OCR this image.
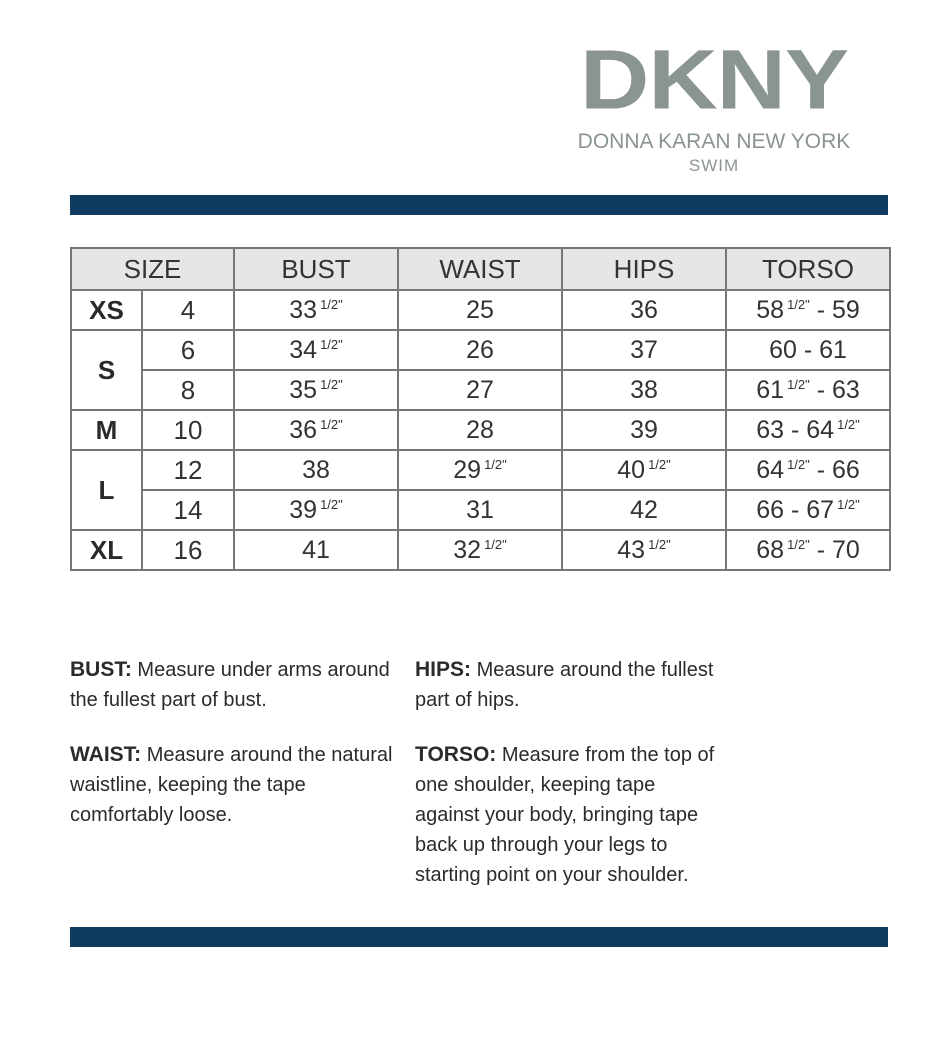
DKNY
DONNA KARAN NEW YORK
SWIM
SIZE		BUST	WAIST	HIPS	TORSO
XS	4	33 $^{1/2"}$	25	36	58 $^{1/2"}$ - 59
S	6	34 $^{1/2"}$	26	37	60 - 61
	8	35 $^{1/2"}$	27	38	61 $^{1/2"}$ - 63
M	10	36 $^{1/2"}$	28	39	63 - 64 $^{1/2"}$
L	12	38	29 $^{1/2"}$	40 $^{1/2"}$	64 $^{1/2"}$ - 66
	14	39 $^{1/2"}$	31	42	66 - 67 $^{1/2"}$
XL	16	41	32 $^{1/2"}$	43 $^{1/2"}$	68 $^{1/2"}$ - 70
BUST: Measure under arms around the fullest part of bust.
WAIST: Measure around the natural waistline, keeping the tape comfortably loose.
HIPS: Measure around the fullest part of hips.
TORSO: Measure from the top of one shoulder, keeping tape against your body, bringing tape back up through your legs to starting point on your shoulder.
